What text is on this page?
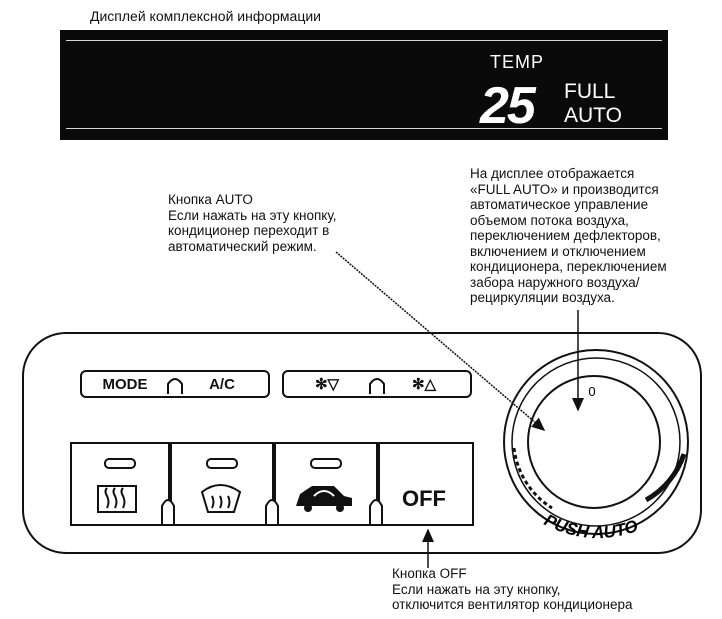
Дисплей комплексной информации
TEMP
25 FULL
AUTO
Кнопка AUTO
Если нажать на эту кнопку,
кондиционер переходит в
автоматический режим.
На дисплее отображается
«FULL AUTO» и производится
автоматическое управление
объемом потока воздуха,
переключением дефлекторов,
включением и отключением
кондиционера, переключением
забора наружного воздуха/
рециркуляции воздуха.
Кнопка OFF
Если нажать на эту кнопку,
отключится вентилятор кондиционера
MODE	A/C	✻▽	✻△
OFF
0
PUSH AUTO
